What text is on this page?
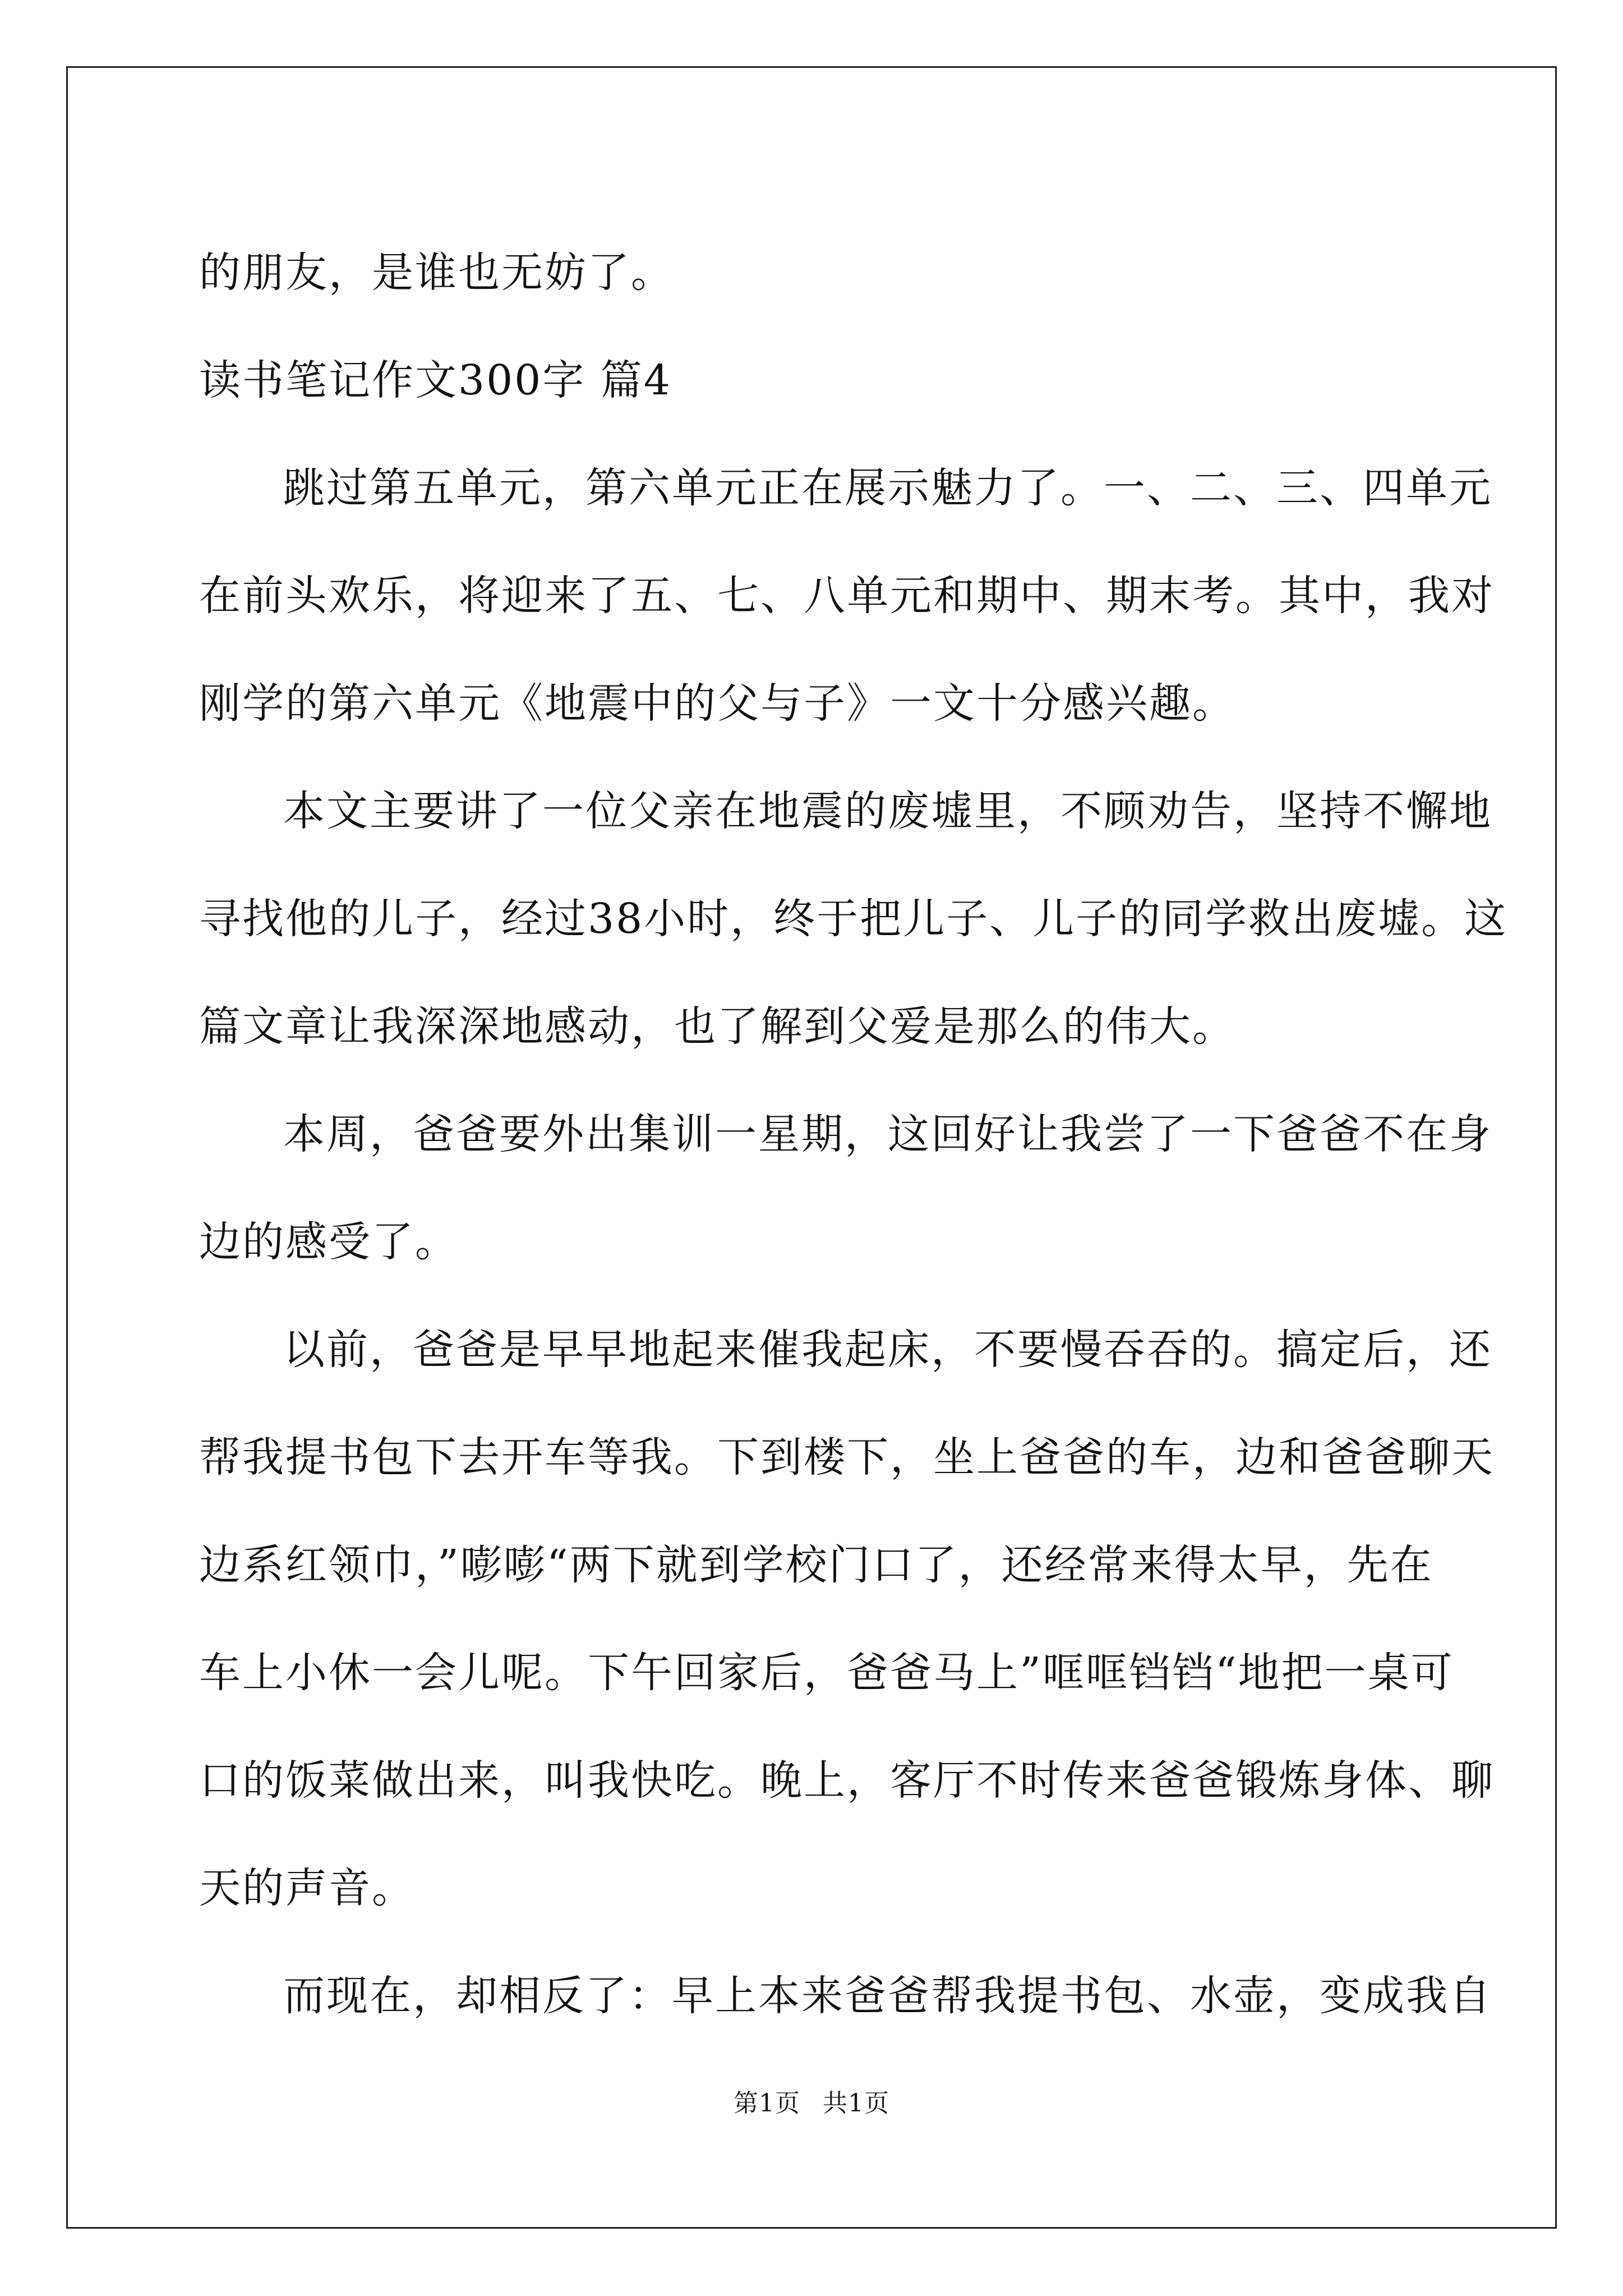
的朋友，是谁也无妨了。
读书笔记作文300字 篇4
跳过第五单元，第六单元正在展示魅力了。一、二、三、四单元
在前头欢乐，将迎来了五、七、八单元和期中、期末考。其中，我对
刚学的第六单元《地震中的父与子》一文十分感兴趣。
本文主要讲了一位父亲在地震的废墟里，不顾劝告，坚持不懈地
寻找他的儿子，经过38小时，终于把儿子、儿子的同学救出废墟。这
篇文章让我深深地感动，也了解到父爱是那么的伟大。
本周，爸爸要外出集训一星期，这回好让我尝了一下爸爸不在身
边的感受了。
以前，爸爸是早早地起来催我起床，不要慢吞吞的。搞定后，还
帮我提书包下去开车等我。下到楼下，坐上爸爸的车，边和爸爸聊天
边系红领巾，”嘭嘭“两下就到学校门口了，还经常来得太早，先在
车上小休一会儿呢。下午回家后，爸爸马上”哐哐铛铛“地把一桌可
口的饭菜做出来，叫我快吃。晚上，客厅不时传来爸爸锻炼身体、聊
天的声音。
而现在，却相反了：早上本来爸爸帮我提书包、水壶，变成我自
第1页 共1页
